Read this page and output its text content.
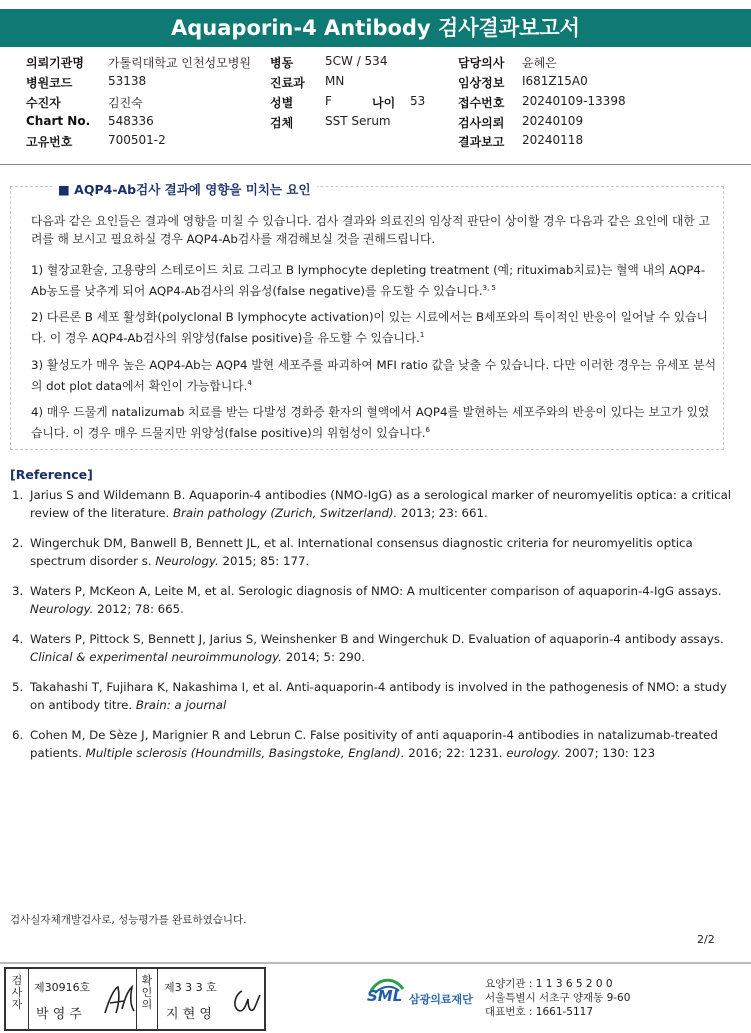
Aquaporin-4 Antibody 검사결과보고서
의뢰기관명 가톨릭대학교 인천성모병원
병원코드	53138
수진자	김진숙
Chart No. 548336
고유번호	700501-2
병동	5CW / 534
진료과 MN
성별	F	나이 53
검체	SST Serum
담당의사 윤혜은
임상정보 I681Z15A0
접수번호 20240109-13398
검사의뢰 20240109
결과보고 20240118
■ AQP4-Ab검사 결과에 영향을 미치는 요인
다음과 같은 요인들은 결과에 영향을 미칠 수 있습니다. 검사 결과와 의료진의 임상적 판단이 상이할 경우 다음과 같은 요인에 대한 고려를 해 보시고 필요하실 경우 AQP4-Ab검사를 재검해보실 것을 권해드립니다.
1) 혈장교환술, 고용량의 스테로이드 치료 그리고 B lymphocyte depleting treatment (예; rituximab치료)는 혈액 내의 AQP4-Ab농도를 낮추게 되어 AQP4-Ab검사의 위음성(false negative)를 유도할 수 있습니다.$^{3, 5}$
2) 다른론 B 세포 활성화(polyclonal B lymphocyte activation)이 있는 시료에서는 B세포와의 특이적인 반응이 일어날 수 있습니다. 이 경우 AQP4-Ab검사의 위양성(false positive)을 유도할 수 있습니다.$^1$
3) 활성도가 매우 높은 AQP4-Ab는 AQP4 발현 세포주를 파괴하여 MFI ratio 값을 낮출 수 있습니다. 다만 이러한 경우는 유세포 분석의 dot plot data에서 확인이 가능합니다.$^4$
4) 매우 드물게 natalizumab 치료를 받는 다발성 경화증 환자의 혈액에서 AQP4를 발현하는 세포주와의 반응이 있다는 보고가 있었습니다. 이 경우 매우 드물지만 위양성(false positive)의 위험성이 있습니다.$^6$
[Reference]
1. Jarius S and Wildemann B. Aquaporin-4 antibodies (NMO-IgG) as a serological marker of neuromyelitis optica: a critical review of the literature. Brain pathology (Zurich, Switzerland). 2013; 23: 661.
2. Wingerchuk DM, Banwell B, Bennett JL, et al. International consensus diagnostic criteria for neuromyelitis optica spectrum disorder s. Neurology. 2015; 85: 177.
3. Waters P, McKeon A, Leite M, et al. Serologic diagnosis of NMO: A multicenter comparison of aquaporin-4-IgG assays. Neurology. 2012; 78: 665.
4. Waters P, Pittock S, Bennett J, Jarius S, Weinshenker B and Wingerchuk D. Evaluation of aquaporin-4 antibody assays. Clinical & experimental neuroimmunology. 2014; 5: 290.
5. Takahashi T, Fujihara K, Nakashima I, et al. Anti-aquaporin-4 antibody is involved in the pathogenesis of NMO: a study on antibody titre. Brain: a journal
6. Cohen M, De Sèze J, Marignier R and Lebrun C. False positivity of anti aquaporin-4 antibodies in natalizumab-treated patients. Multiple sclerosis (Houndmills, Basingstoke, England). 2016; 22: 1231. eurology. 2007; 130: 123
검사실자체개발검사로, 성능평가를 완료하였습니다.
2/2
검
사
자
제30916호
박 영 주
확
인
의
제3 3 3 호
지 현 영
SML 삼광의료재단
요양기관 : 1 1 3 6 5 2 0 0
서울특별시 서초구 양재동 9-60
대표번호 : 1661-5117
